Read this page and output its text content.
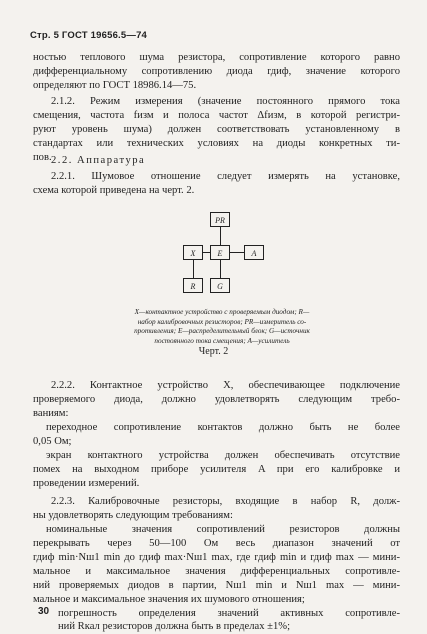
Стр. 5 ГОСТ 19656.5—74
ностью теплового шума резистора, сопротивление которого равно
дифференциальному сопротивлению диода rдиф, значение которого
определяют по ГОСТ 18986.14—75.
2.1.2. Режим измерения (значение постоянного прямого тока
смещения, частота fизм и полоса частот Δfизм, в которой регистри-
руют уровень шума) должен соответствовать установленному в
стандартах или технических условиях на диоды конкретных ти-
пов. 2.2. Аппаратура
2.2.1. Шумовое отношение следует измерять на установке,
схема которой приведена на черт. 2.
PR
X	E	A
R	G
X—контактное устройство с проверяемым диодом; R—
набор калибровочных резисторов; PR—измеритель со-
противления; E—распределительный блок; G—источник
постоянного тока смещения; A—усилитель
Черт. 2
2.2.2. Контактное устройство X, обеспечивающее подключение
проверяемого диода, должно удовлетворять следующим требо-
ваниям:
переходное сопротивление контактов должно быть не более
0,05 Ом;
экран контактного устройства должен обеспечивать отсутствие
помех на выходном приборе усилителя A при его калибровке и
проведении измерений.
2.2.3. Калибровочные резисторы, входящие в набор R, долж-
ны удовлетворять следующим требованиям:
номинальные значения сопротивлений резисторов должны
перекрывать через 50—100 Ом весь диапазон значений от
rдиф min·Nш1 min до rдиф max·Nш1 max, где rдиф min и rдиф max — мини-
мальное и максимальное значения дифференциальных сопротивле-
ний проверяемых диодов в партии, Nш1 min и Nш1 max — мини-
мальное и максимальное значения их шумового отношения;
погрешность определения значений активных сопротивле-
ний Rкал резисторов должна быть в пределах ±1%;
30
